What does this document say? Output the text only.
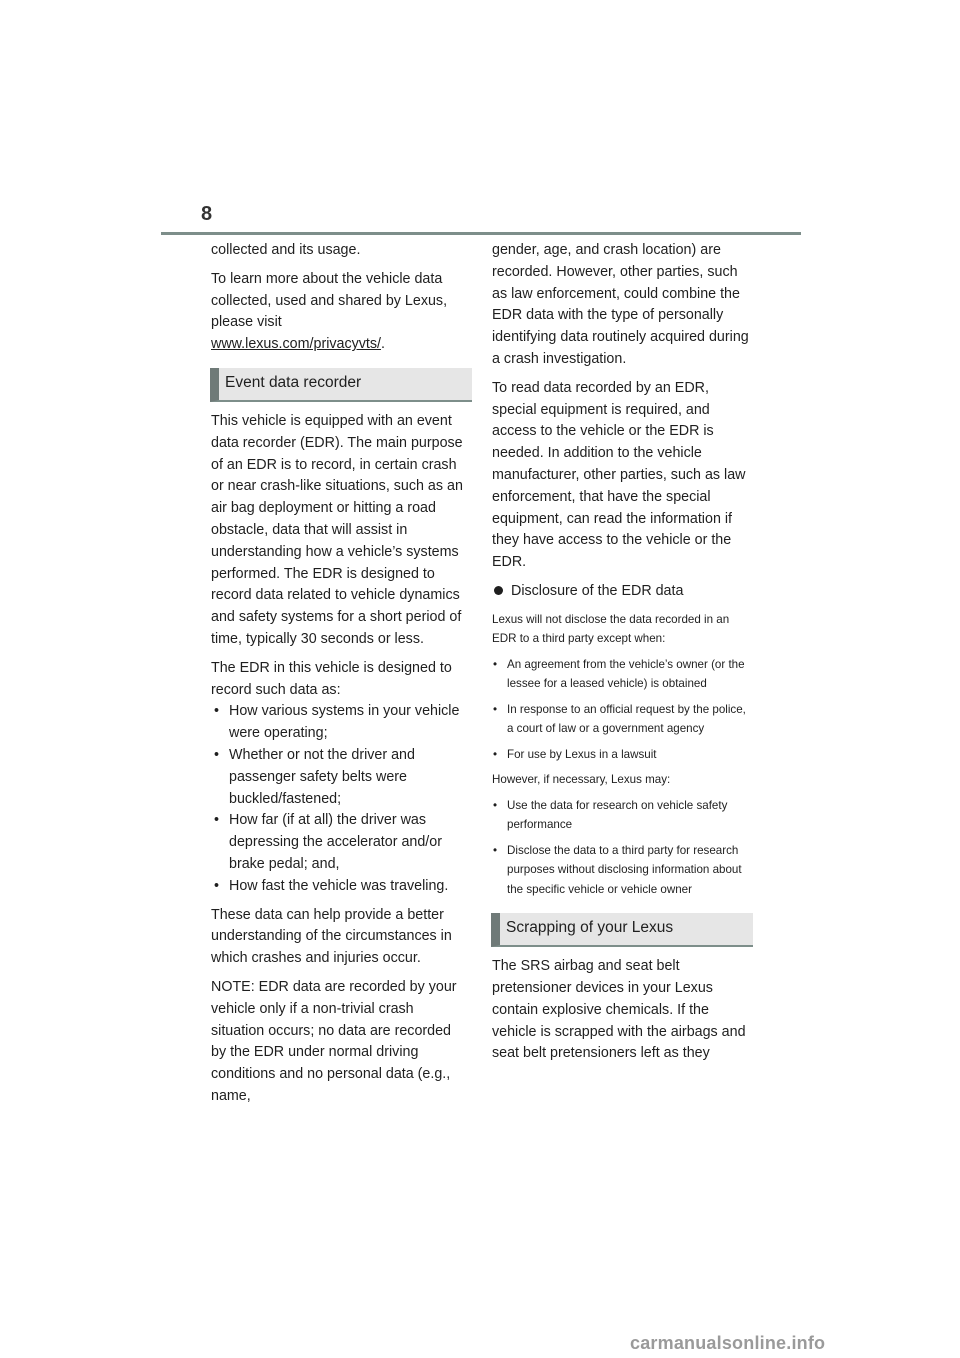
8

collected and its usage.

To learn more about the vehicle data collected, used and shared by Lexus, please visit
www.lexus.com/privacyvts/.

Event data recorder

This vehicle is equipped with an event data recorder (EDR). The main purpose of an EDR is to record, in certain crash or near crash-like situations, such as an air bag deployment or hitting a road obstacle, data that will assist in understanding how a vehicle’s systems performed. The EDR is designed to record data related to vehicle dynamics and safety systems for a short period of time, typically 30 seconds or less.

The EDR in this vehicle is designed to record such data as:

• How various systems in your vehicle were operating;
• Whether or not the driver and passenger safety belts were buckled/fastened;
• How far (if at all) the driver was depressing the accelerator and/or brake pedal; and,
• How fast the vehicle was traveling.

These data can help provide a better understanding of the circumstances in which crashes and injuries occur.

NOTE: EDR data are recorded by your vehicle only if a non-trivial crash situation occurs; no data are recorded by the EDR under normal driving conditions and no personal data (e.g., name,

gender, age, and crash location) are recorded. However, other parties, such as law enforcement, could combine the EDR data with the type of personally identifying data routinely acquired during a crash investigation.

To read data recorded by an EDR, special equipment is required, and access to the vehicle or the EDR is needed. In addition to the vehicle manufacturer, other parties, such as law enforcement, that have the special equipment, can read the information if they have access to the vehicle or the EDR.

Disclosure of the EDR data

Lexus will not disclose the data recorded in an EDR to a third party except when:

• An agreement from the vehicle’s owner (or the lessee for a leased vehicle) is obtained
• In response to an official request by the police, a court of law or a government agency
• For use by Lexus in a lawsuit

However, if necessary, Lexus may:

• Use the data for research on vehicle safety performance
• Disclose the data to a third party for research purposes without disclosing information about the specific vehicle or vehicle owner
Scrapping of your Lexus

The SRS airbag and seat belt pretensioner devices in your Lexus contain explosive chemicals. If the vehicle is scrapped with the airbags and seat belt pretensioners left as they

carmanualsonline.info
